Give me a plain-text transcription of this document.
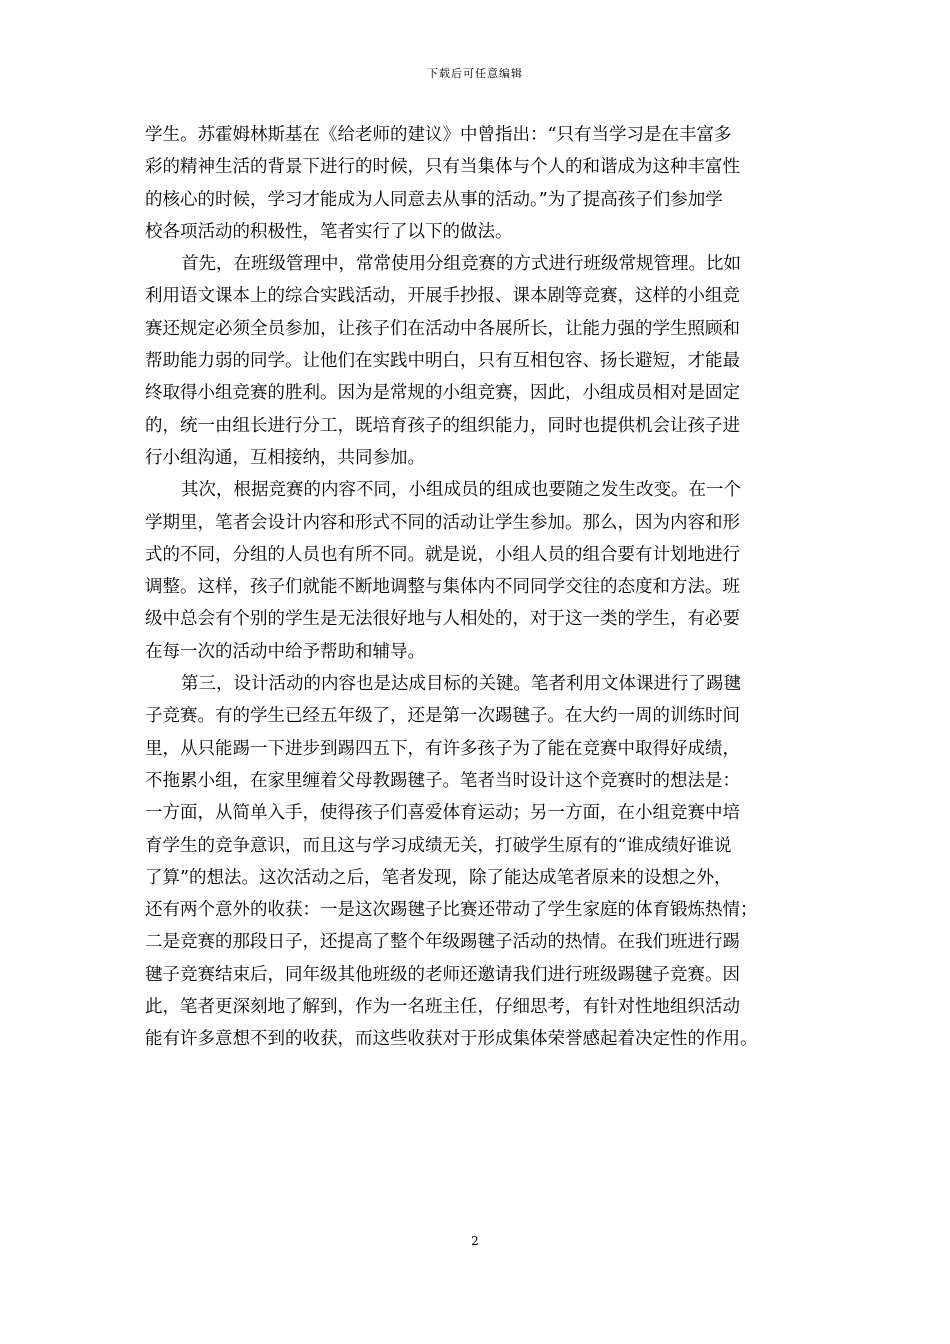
下载后可任意编辑
学生。苏霍姆林斯基在《给老师的建议》中曾指出：“只有当学习是在丰富多
彩的精神生活的背景下进行的时候，只有当集体与个人的和谐成为这种丰富性
的核心的时候，学习才能成为人同意去从事的活动。”为了提高孩子们参加学
校各项活动的积极性，笔者实行了以下的做法。
首先，在班级管理中，常常使用分组竞赛的方式进行班级常规管理。比如
利用语文课本上的综合实践活动，开展手抄报、课本剧等竞赛，这样的小组竞
赛还规定必须全员参加，让孩子们在活动中各展所长，让能力强的学生照顾和
帮助能力弱的同学。让他们在实践中明白，只有互相包容、扬长避短，才能最
终取得小组竞赛的胜利。因为是常规的小组竞赛，因此，小组成员相对是固定
的，统一由组长进行分工，既培育孩子的组织能力，同时也提供机会让孩子进
行小组沟通，互相接纳，共同参加。
其次，根据竞赛的内容不同，小组成员的组成也要随之发生改变。在一个
学期里，笔者会设计内容和形式不同的活动让学生参加。那么，因为内容和形
式的不同，分组的人员也有所不同。就是说，小组人员的组合要有计划地进行
调整。这样，孩子们就能不断地调整与集体内不同同学交往的态度和方法。班
级中总会有个别的学生是无法很好地与人相处的，对于这一类的学生，有必要
在每一次的活动中给予帮助和辅导。
第三，设计活动的内容也是达成目标的关键。笔者利用文体课进行了踢毽
子竞赛。有的学生已经五年级了，还是第一次踢毽子。在大约一周的训练时间
里，从只能踢一下进步到踢四五下，有许多孩子为了能在竞赛中取得好成绩，
不拖累小组，在家里缠着父母教踢毽子。笔者当时设计这个竞赛时的想法是：
一方面，从简单入手，使得孩子们喜爱体育运动；另一方面，在小组竞赛中培
育学生的竞争意识，而且这与学习成绩无关，打破学生原有的“谁成绩好谁说
了算”的想法。这次活动之后，笔者发现，除了能达成笔者原来的设想之外，
还有两个意外的收获：一是这次踢毽子比赛还带动了学生家庭的体育锻炼热情；
二是竞赛的那段日子，还提高了整个年级踢毽子活动的热情。在我们班进行踢
毽子竞赛结束后，同年级其他班级的老师还邀请我们进行班级踢毽子竞赛。因
此，笔者更深刻地了解到，作为一名班主任，仔细思考，有针对性地组织活动
能有许多意想不到的收获，而这些收获对于形成集体荣誉感起着决定性的作用。
2
